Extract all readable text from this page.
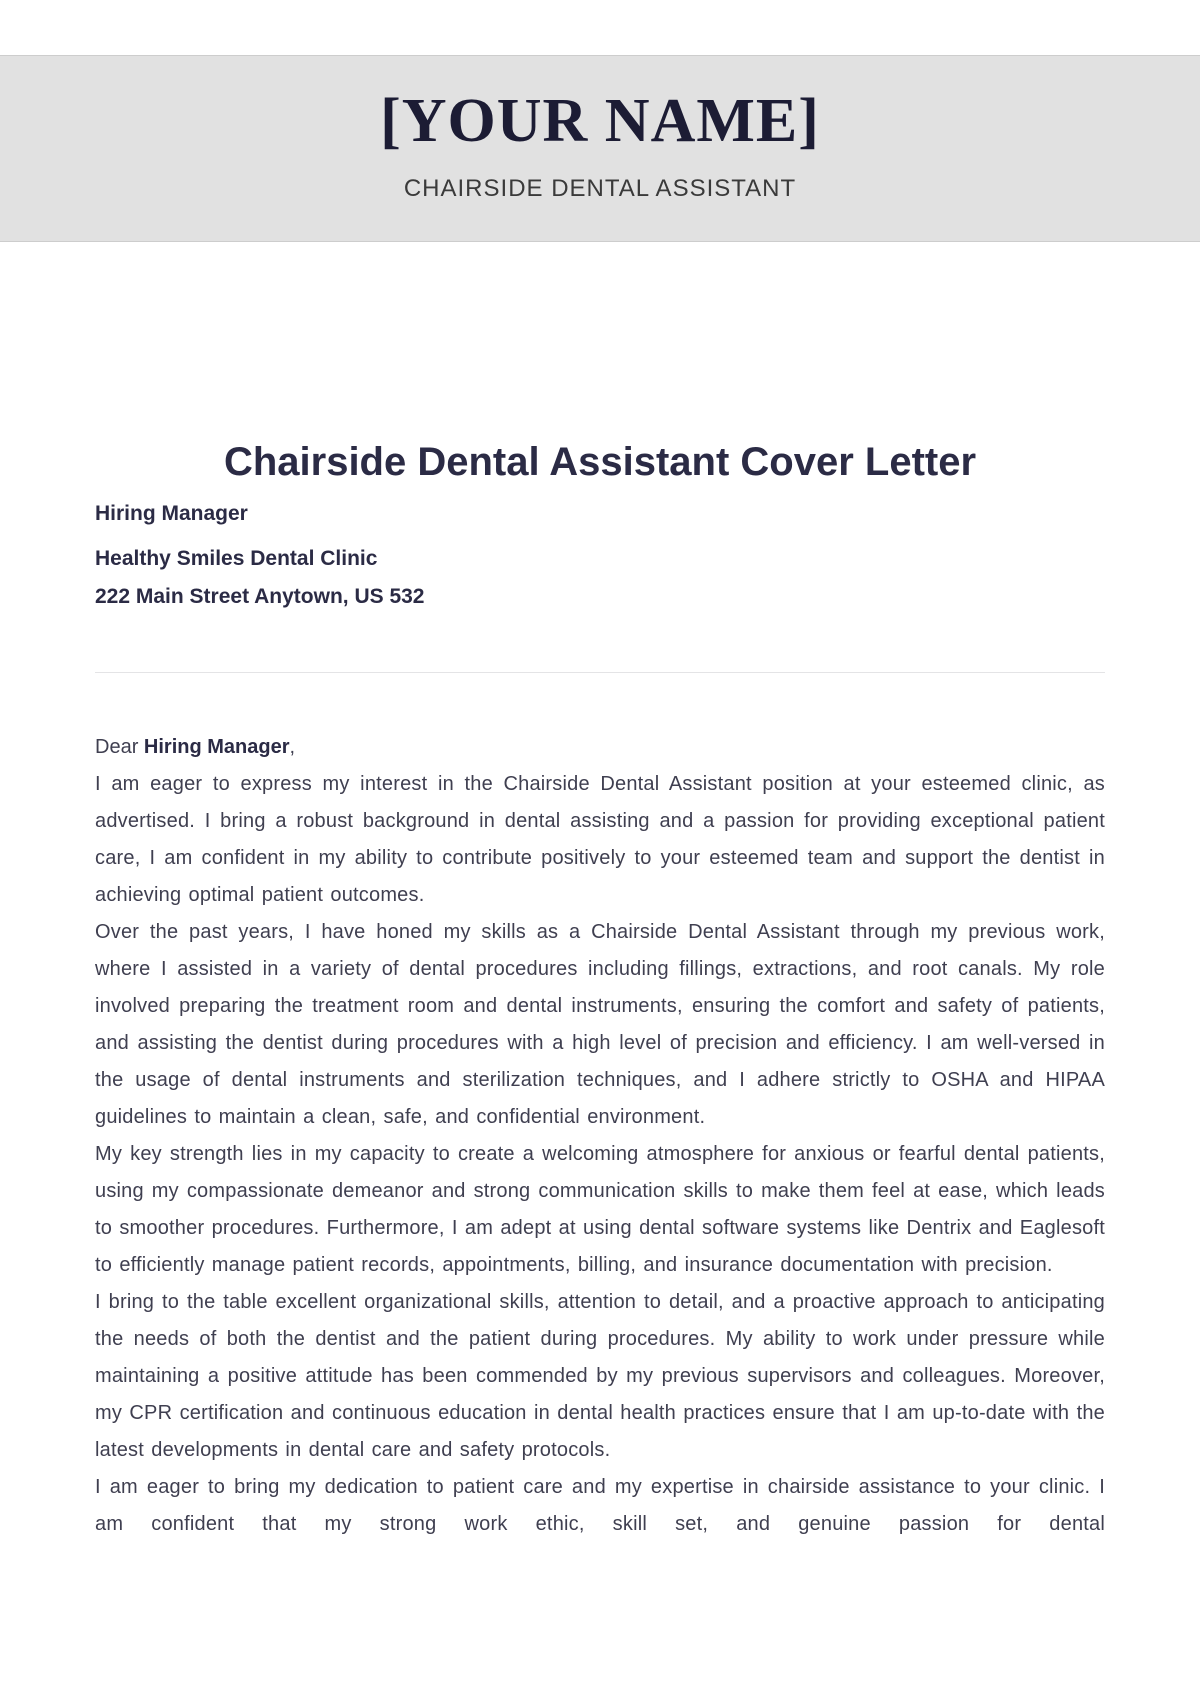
[YOUR NAME]
CHAIRSIDE DENTAL ASSISTANT
Chairside Dental Assistant Cover Letter

Hiring Manager

Healthy Smiles Dental Clinic

222 Main Street Anytown, US 532

Dear Hiring Manager,

I am eager to express my interest in the Chairside Dental Assistant position at your esteemed clinic, as advertised. I bring a robust background in dental assisting and a passion for providing exceptional patient care, I am confident in my ability to contribute positively to your esteemed team and support the dentist in achieving optimal patient outcomes.

Over the past years, I have honed my skills as a Chairside Dental Assistant through my previous work, where I assisted in a variety of dental procedures including fillings, extractions, and root canals. My role involved preparing the treatment room and dental instruments, ensuring the comfort and safety of patients, and assisting the dentist during procedures with a high level of precision and efficiency. I am well-versed in the usage of dental instruments and sterilization techniques, and I adhere strictly to OSHA and HIPAA guidelines to maintain a clean, safe, and confidential environment.

My key strength lies in my capacity to create a welcoming atmosphere for anxious or fearful dental patients, using my compassionate demeanor and strong communication skills to make them feel at ease, which leads to smoother procedures. Furthermore, I am adept at using dental software systems like Dentrix and Eaglesoft to efficiently manage patient records, appointments, billing, and insurance documentation with precision.

I bring to the table excellent organizational skills, attention to detail, and a proactive approach to anticipating the needs of both the dentist and the patient during procedures. My ability to work under pressure while maintaining a positive attitude has been commended by my previous supervisors and colleagues. Moreover, my CPR certification and continuous education in dental health practices ensure that I am up-to-date with the latest developments in dental care and safety protocols.

I am eager to bring my dedication to patient care and my expertise in chairside assistance to your clinic. I am confident that my strong work ethic, skill set, and genuine passion for dental
